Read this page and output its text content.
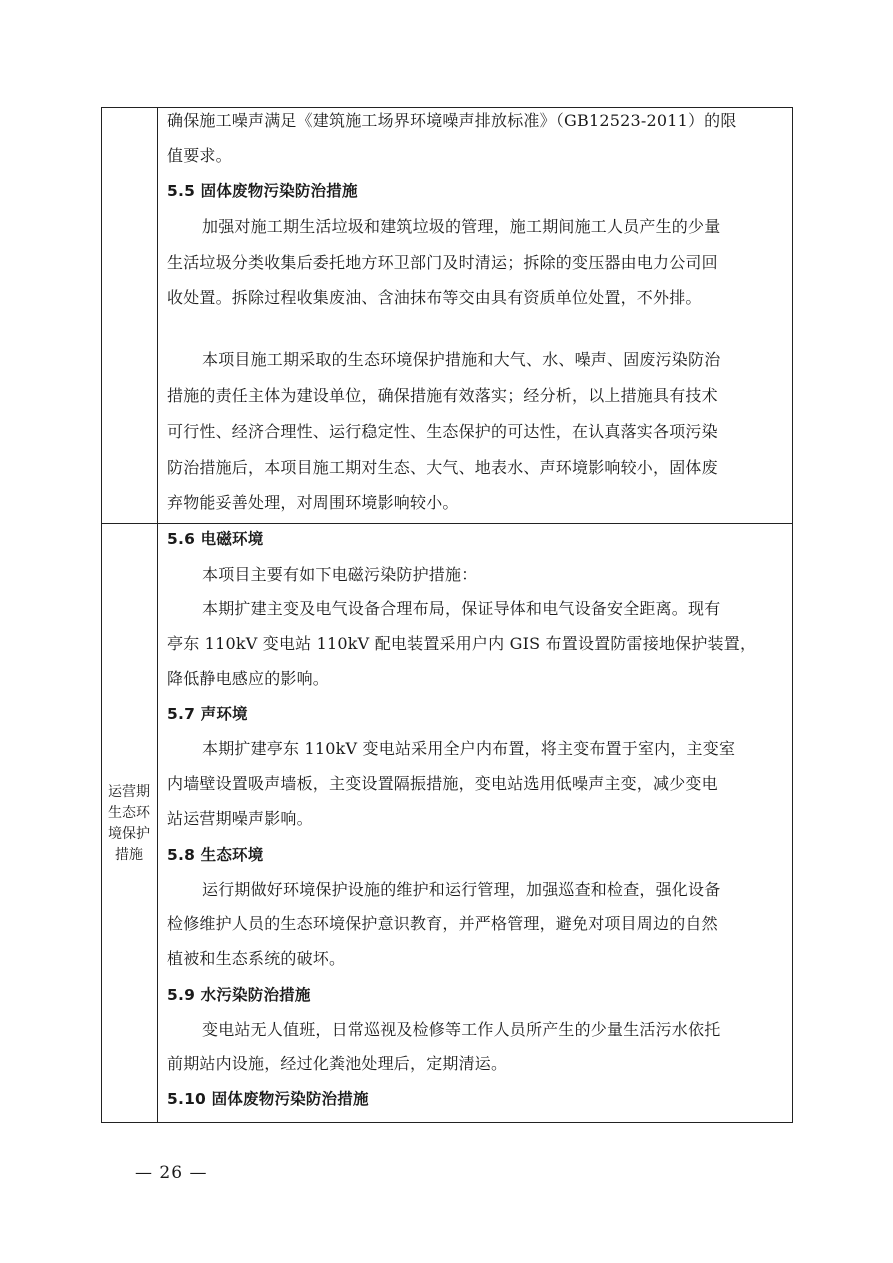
确保施工噪声满足《建筑施工场界环境噪声排放标准》（GB12523-2011）的限
值要求。
5.5 固体废物污染防治措施
加强对施工期生活垃圾和建筑垃圾的管理，施工期间施工人员产生的少量
生活垃圾分类收集后委托地方环卫部门及时清运；拆除的变压器由电力公司回
收处置。拆除过程收集废油、含油抹布等交由具有资质单位处置，不外排。
本项目施工期采取的生态环境保护措施和大气、水、噪声、固废污染防治
措施的责任主体为建设单位，确保措施有效落实；经分析，以上措施具有技术
可行性、经济合理性、运行稳定性、生态保护的可达性，在认真落实各项污染
防治措施后，本项目施工期对生态、大气、地表水、声环境影响较小，固体废
弃物能妥善处理，对周围环境影响较小。
运营期
生态环
境保护
措施
5.6 电磁环境
本项目主要有如下电磁污染防护措施：
本期扩建主变及电气设备合理布局，保证导体和电气设备安全距离。现有
亭东 110kV 变电站 110kV 配电装置采用户内 GIS 布置设置防雷接地保护装置，
降低静电感应的影响。
5.7 声环境
本期扩建亭东 110kV 变电站采用全户内布置，将主变布置于室内，主变室
内墙壁设置吸声墙板，主变设置隔振措施，变电站选用低噪声主变，减少变电
站运营期噪声影响。
5.8 生态环境
运行期做好环境保护设施的维护和运行管理，加强巡查和检查，强化设备
检修维护人员的生态环境保护意识教育，并严格管理，避免对项目周边的自然
植被和生态系统的破坏。
5.9 水污染防治措施
变电站无人值班，日常巡视及检修等工作人员所产生的少量生活污水依托
前期站内设施，经过化粪池处理后，定期清运。
5.10 固体废物污染防治措施
— 26 —
